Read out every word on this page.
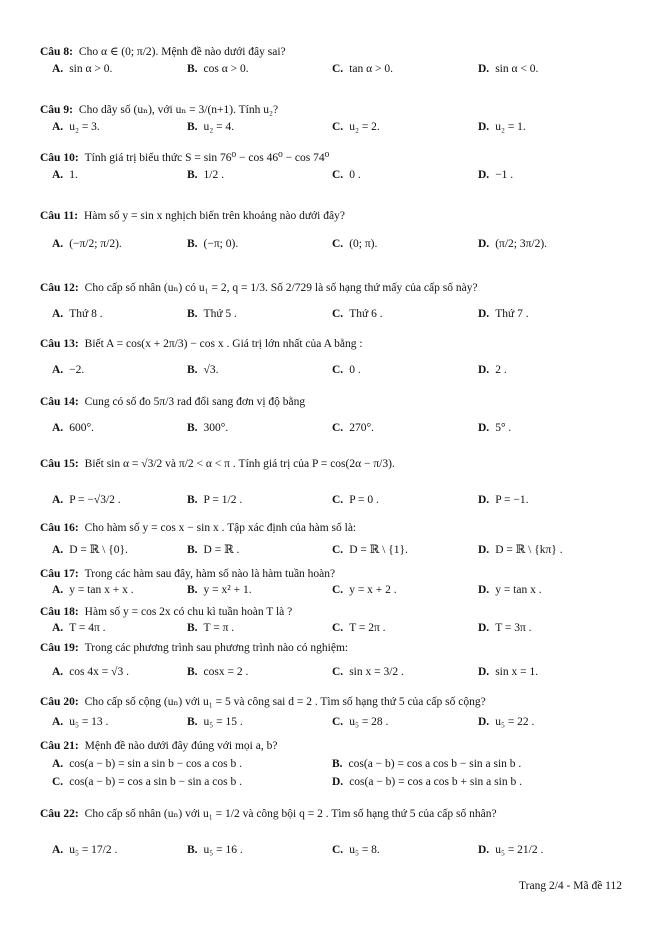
Câu 8: Cho α ∈ (0; π/2). Mệnh đề nào dưới đây sai?
A. sin α > 0.	B. cos α > 0.	C. tan α > 0.	D. sin α < 0.
Câu 9: Cho dãy số (uₙ), với uₙ = 3/(n+1). Tính u₂?
A. u₂ = 3.	B. u₂ = 4.	C. u₂ = 2.	D. u₂ = 1.
Câu 10: Tính giá trị biểu thức S = sin 76⁰ − cos 46⁰ − cos 74⁰
A. 1.	B. 1/2 .	C. 0 .	D. −1 .
Câu 11: Hàm số y = sin x nghịch biến trên khoảng nào dưới đây?
A. (−π/2; π/2).	B. (−π; 0).	C. (0; π).	D. (π/2; 3π/2).
Câu 12: Cho cấp số nhân (uₙ) có u₁ = 2, q = 1/3. Số 2/729 là số hạng thứ mấy của cấp số này?
A. Thứ 8 .	B. Thứ 5 .	C. Thứ 6 .	D. Thứ 7 .
Câu 13: Biết A = cos(x + 2π/3) − cos x . Giá trị lớn nhất của A bằng :
A. −2.	B. √3.	C. 0 .	D. 2 .
Câu 14: Cung có số đo 5π/3 rad đổi sang đơn vị độ bằng
A. 600°.	B. 300°.	C. 270°.	D. 5° .
Câu 15: Biết sin α = √3/2 và π/2 < α < π . Tính giá trị của P = cos(2α − π/3).
A. P = −√3/2 .	B. P = 1/2 .	C. P = 0 .	D. P = −1.
Câu 16: Cho hàm số y = cos x − sin x . Tập xác định của hàm số là:
A. D = ℝ \ {0}.	B. D = ℝ .	C. D = ℝ \ {1}.	D. D = ℝ \ {kπ} .
Câu 17: Trong các hàm sau đây, hàm số nào là hàm tuần hoàn?
A. y = tan x + x .	B. y = x² + 1.	C. y = x + 2 .	D. y = tan x .
Câu 18: Hàm số y = cos 2x có chu kì tuần hoàn T là ?
A. T = 4π .	B. T = π .	C. T = 2π .	D. T = 3π .
Câu 19: Trong các phương trình sau phương trình nào có nghiệm:
A. cos 4x = √3 .	B. cosx = 2 .	C. sin x = 3/2 .	D. sin x = 1.
Câu 20: Cho cấp số cộng (uₙ) với u₁ = 5 và công sai d = 2 . Tìm số hạng thứ 5 của cấp số cộng?
A. u₅ = 13 .	B. u₅ = 15 .	C. u₅ = 28 .	D. u₅ = 22 .
Câu 21: Mệnh đề nào dưới đây đúng với mọi a, b?
A. cos(a − b) = sin a sin b − cos a cos b .	B. cos(a − b) = cos a cos b − sin a sin b .
C. cos(a − b) = cos a sin b − sin a cos b .	D. cos(a − b) = cos a cos b + sin a sin b .
Câu 22: Cho cấp số nhân (uₙ) với u₁ = 1/2 và công bội q = 2 . Tìm số hạng thứ 5 của cấp số nhân?
A. u₅ = 17/2 .	B. u₅ = 16 .	C. u₅ = 8.	D. u₅ = 21/2 .
Trang 2/4 - Mã đề 112
